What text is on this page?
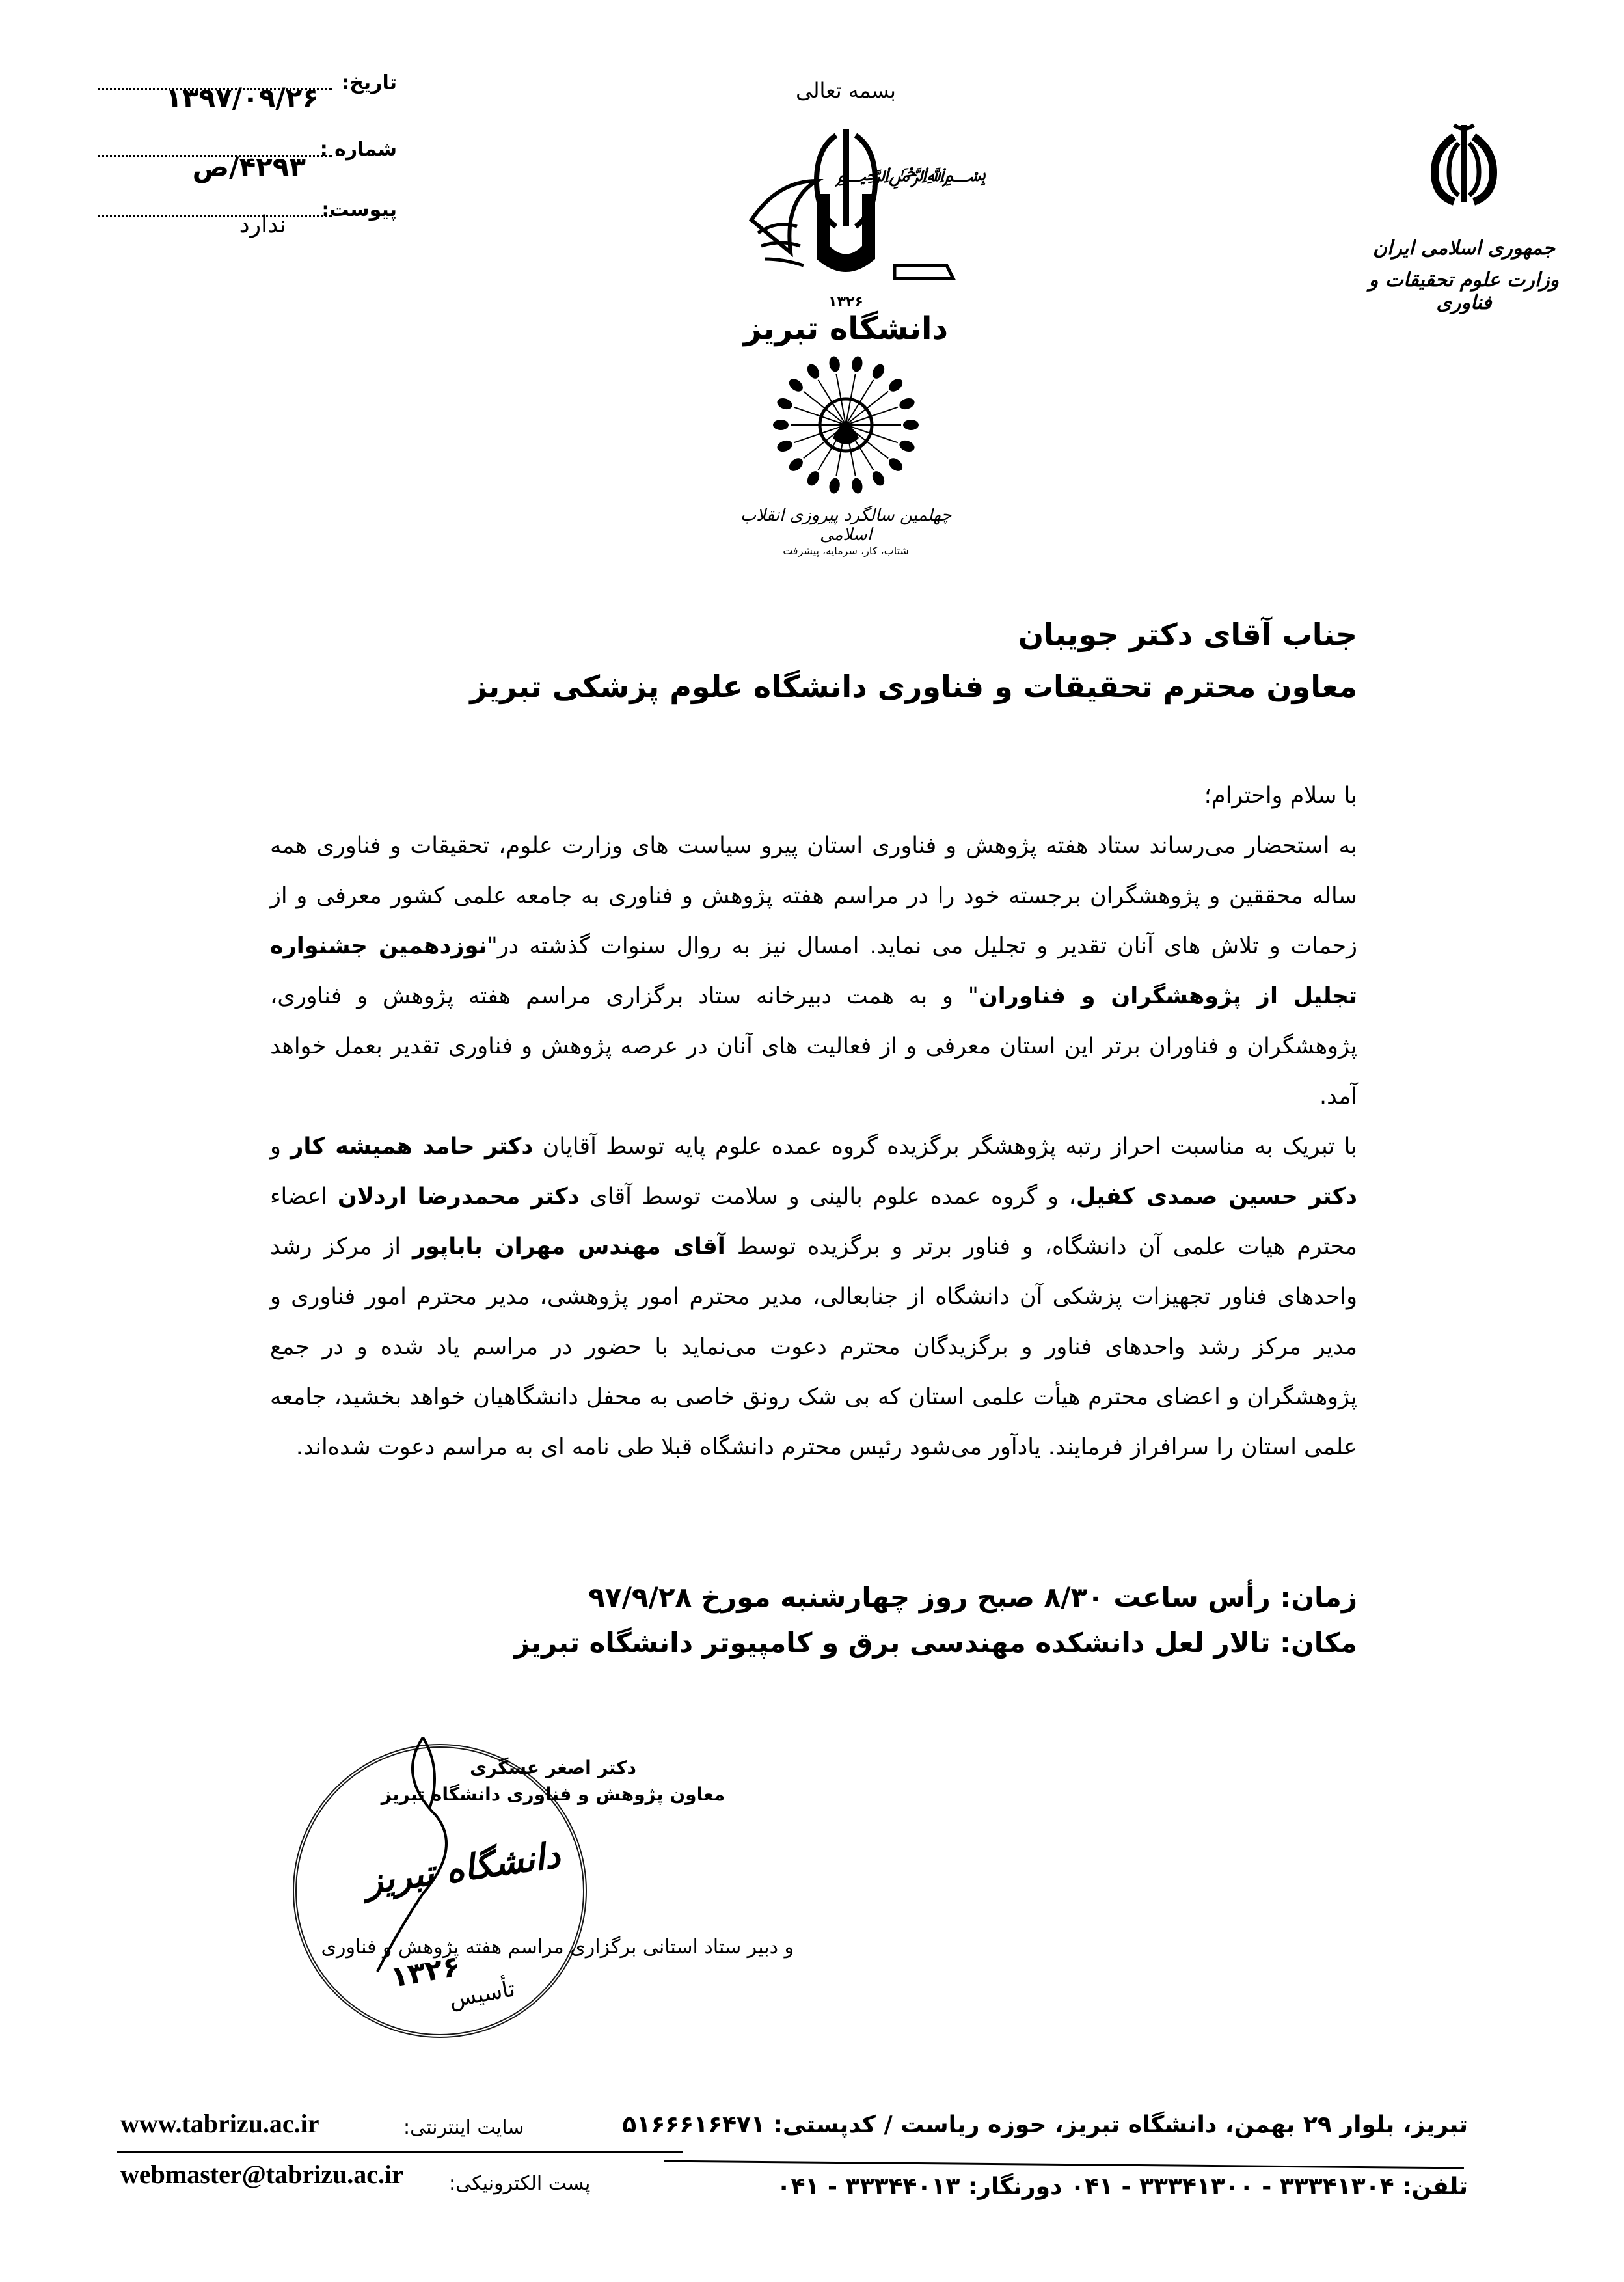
تاریخ:
۱۳۹۷/۰۹/۲۶
شماره :
۴۲۹۳/ص
پیوست:
ندارد
بسمه تعالی
﷽
۱۳۲۶
دانشگاه تبریز
چهلمین سالگرد پیروزی انقلاب اسلامی
شتاب، کار، سرمایه، پیشرفت
جمهوری اسلامی ایران
وزارت علوم تحقیقات و فناوری
جناب آقای دکتر جویبان
معاون محترم تحقیقات و فناوری دانشگاه علوم پزشکی تبریز

با سلام واحترام؛

به استحضار می‌رساند ستاد هفته پژوهش و فناوری استان پیرو سیاست های وزارت علوم، تحقیقات و فناوری همه ساله محققین و پژوهشگران برجسته خود را در مراسم هفته پژوهش و فناوری به جامعه علمی کشور معرفی و از زحمات و تلاش های آنان تقدیر و تجلیل می نماید. امسال نیز به روال سنوات گذشته در"نوزدهمین جشنواره تجلیل از پژوهشگران و فناوران" و به همت دبیرخانه ستاد برگزاری مراسم هفته پژوهش و فناوری، پژوهشگران و فناوران برتر این استان معرفی و از فعالیت های آنان در عرصه پژوهش و فناوری تقدیر بعمل خواهد آمد.

با تبریک به مناسبت احراز رتبه پژوهشگر برگزیده گروه عمده علوم پایه توسط آقایان دکتر حامد همیشه کار و دکتر حسین صمدی کفیل، و گروه عمده علوم بالینی و سلامت توسط آقای دکتر محمدرضا اردلان اعضاء محترم هیات علمی آن دانشگاه، و فناور برتر و برگزیده توسط آقای مهندس مهران باباپور از مرکز رشد واحدهای فناور تجهیزات پزشکی آن دانشگاه از جنابعالی، مدیر محترم امور پژوهشی، مدیر محترم امور فناوری و مدیر مرکز رشد واحدهای فناور و برگزیدگان محترم دعوت می‌نماید با حضور در مراسم یاد شده و در جمع پژوهشگران و اعضای محترم هیأت علمی استان که بی شک رونق خاصی به محفل دانشگاهیان خواهد بخشید، جامعه علمی استان را سرافراز فرمایند. یادآور می‌شود رئیس محترم دانشگاه قبلا طی نامه ای به مراسم دعوت شده‌اند.

زمان: رأس ساعت ۸/۳۰ صبح روز چهارشنبه مورخ ۹۷/۹/۲۸
مکان: تالار لعل دانشکده مهندسی برق و کامپیوتر دانشگاه تبریز
دانشگاه تبریز
۱۳۲۶
تأسیس
دکتر اصغر عسگری
معاون پژوهش و فناوری دانشگاه تبریز
و دبیر ستاد استانی برگزاری مراسم هفته پژوهش و فناوری
www.tabrizu.ac.ir	سایت اینترنتی:
webmaster@tabrizu.ac.ir پست الکترونیکی:
تبریز، بلوار ۲۹ بهمن، دانشگاه تبریز، حوزه ریاست / کدپستی: ۵۱۶۶۶۱۶۴۷۱
تلفن: ۳۳۳۴۱۳۰۴ - ۳۳۳۴۱۳۰۰ - ۰۴۱ دورنگار: ۳۳۳۴۴۰۱۳ - ۰۴۱
